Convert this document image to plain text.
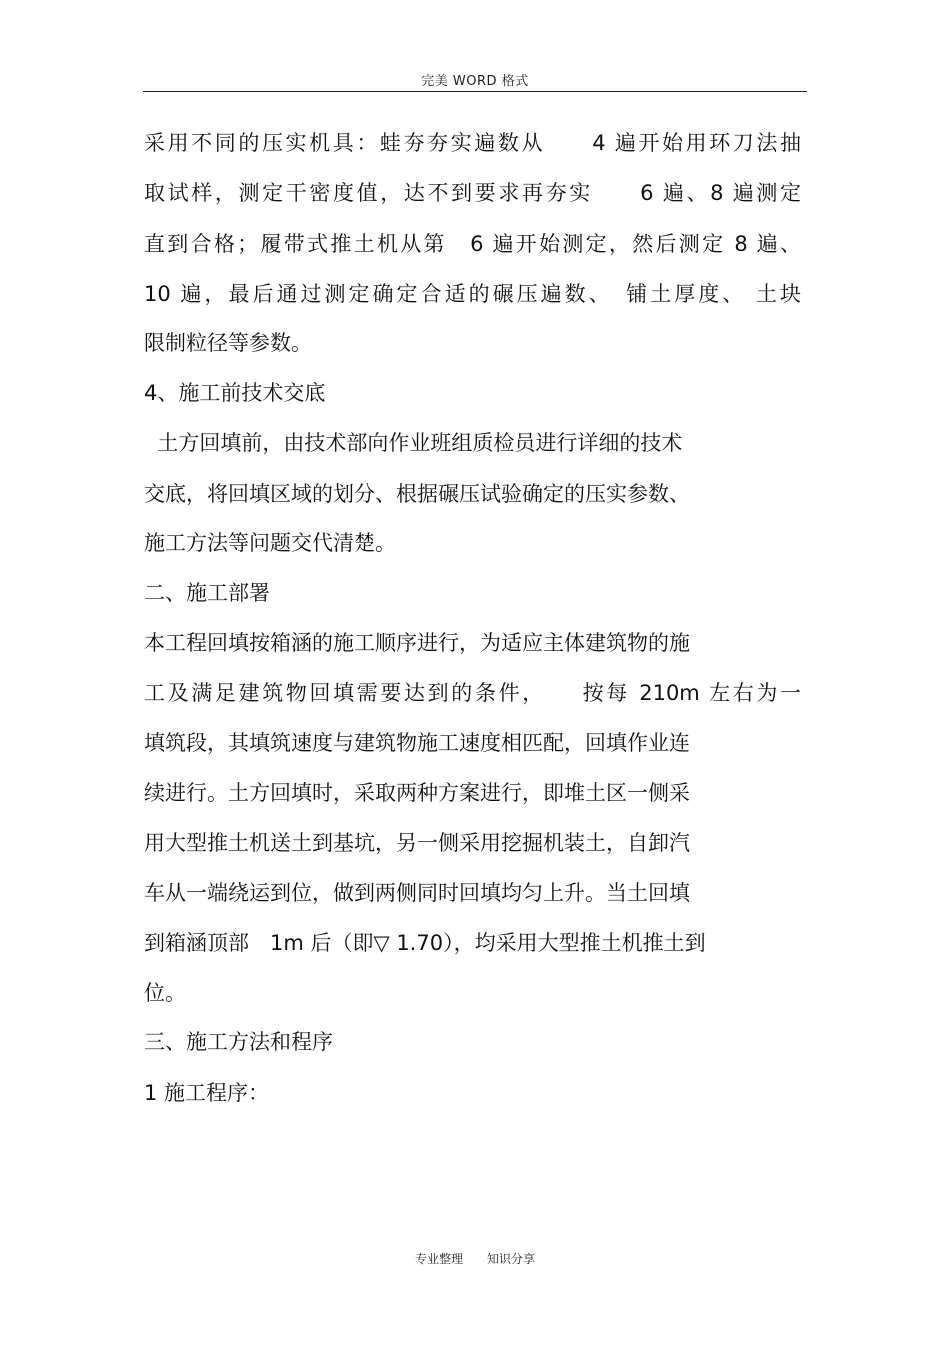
完美 WORD 格式
采用不同的压实机具：蛙夯夯实遍数从　　4 遍开始用环刀法抽
取试样，测定干密度值，达不到要求再夯实　　6 遍、8 遍测定
直到合格；履带式推土机从第　6 遍开始测定，然后测定 8 遍、
10 遍，最后通过测定确定合适的碾压遍数、　铺土厚度、 土块
限制粒径等参数。
4、施工前技术交底
土方回填前，由技术部向作业班组质检员进行详细的技术
交底，将回填区域的划分、根据碾压试验确定的压实参数、
施工方法等问题交代清楚。
二、施工部署
本工程回填按箱涵的施工顺序进行，为适应主体建筑物的施
工及满足建筑物回填需要达到的条件，　　按每 210m 左右为一
填筑段，其填筑速度与建筑物施工速度相匹配，回填作业连
续进行。土方回填时，采取两种方案进行，即堆土区一侧采
用大型推土机送土到基坑，另一侧采用挖掘机装土，自卸汽
车从一端绕运到位，做到两侧同时回填均匀上升。当土回填
到箱涵顶部　1m 后（即▽ 1.70），均采用大型推土机推土到
位。
三、施工方法和程序
1 施工程序：
专业整理　　知识分享
